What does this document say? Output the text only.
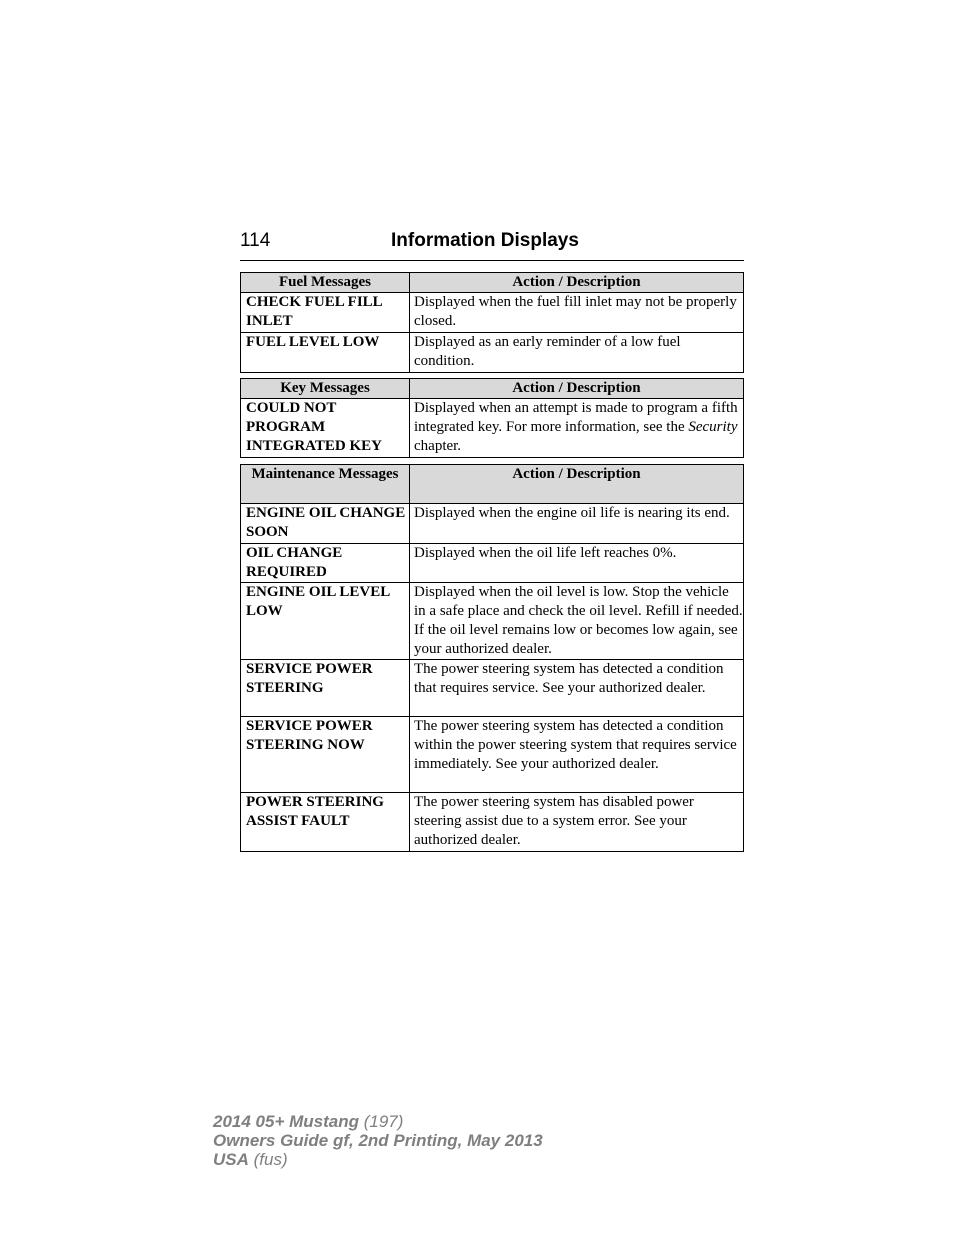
114	Information Displays
Fuel Messages	Action / Description
CHECK FUEL FILL INLET	Displayed when the fuel fill inlet may not be properly closed.
FUEL LEVEL LOW	Displayed as an early reminder of a low fuel condition.
Key Messages	Action / Description
COULD NOT PROGRAM INTEGRATED KEY	Displayed when an attempt is made to program a fifth integrated key. For more information, see the Security chapter.
Maintenance Messages	Action / Description
ENGINE OIL CHANGE SOON	Displayed when the engine oil life is nearing its end.
OIL CHANGE REQUIRED	Displayed when the oil life left reaches 0%.
ENGINE OIL LEVEL LOW	Displayed when the oil level is low. Stop the vehicle in a safe place and check the oil level. Refill if needed. If the oil level remains low or becomes low again, see your authorized dealer.
SERVICE POWER STEERING	The power steering system has detected a condition that requires service. See your authorized dealer.
SERVICE POWER STEERING NOW	The power steering system has detected a condition within the power steering system that requires service immediately. See your authorized dealer.
POWER STEERING ASSIST FAULT	The power steering system has disabled power steering assist due to a system error. See your authorized dealer.
2014 05+ Mustang (197)
Owners Guide gf, 2nd Printing, May 2013
USA (fus)
